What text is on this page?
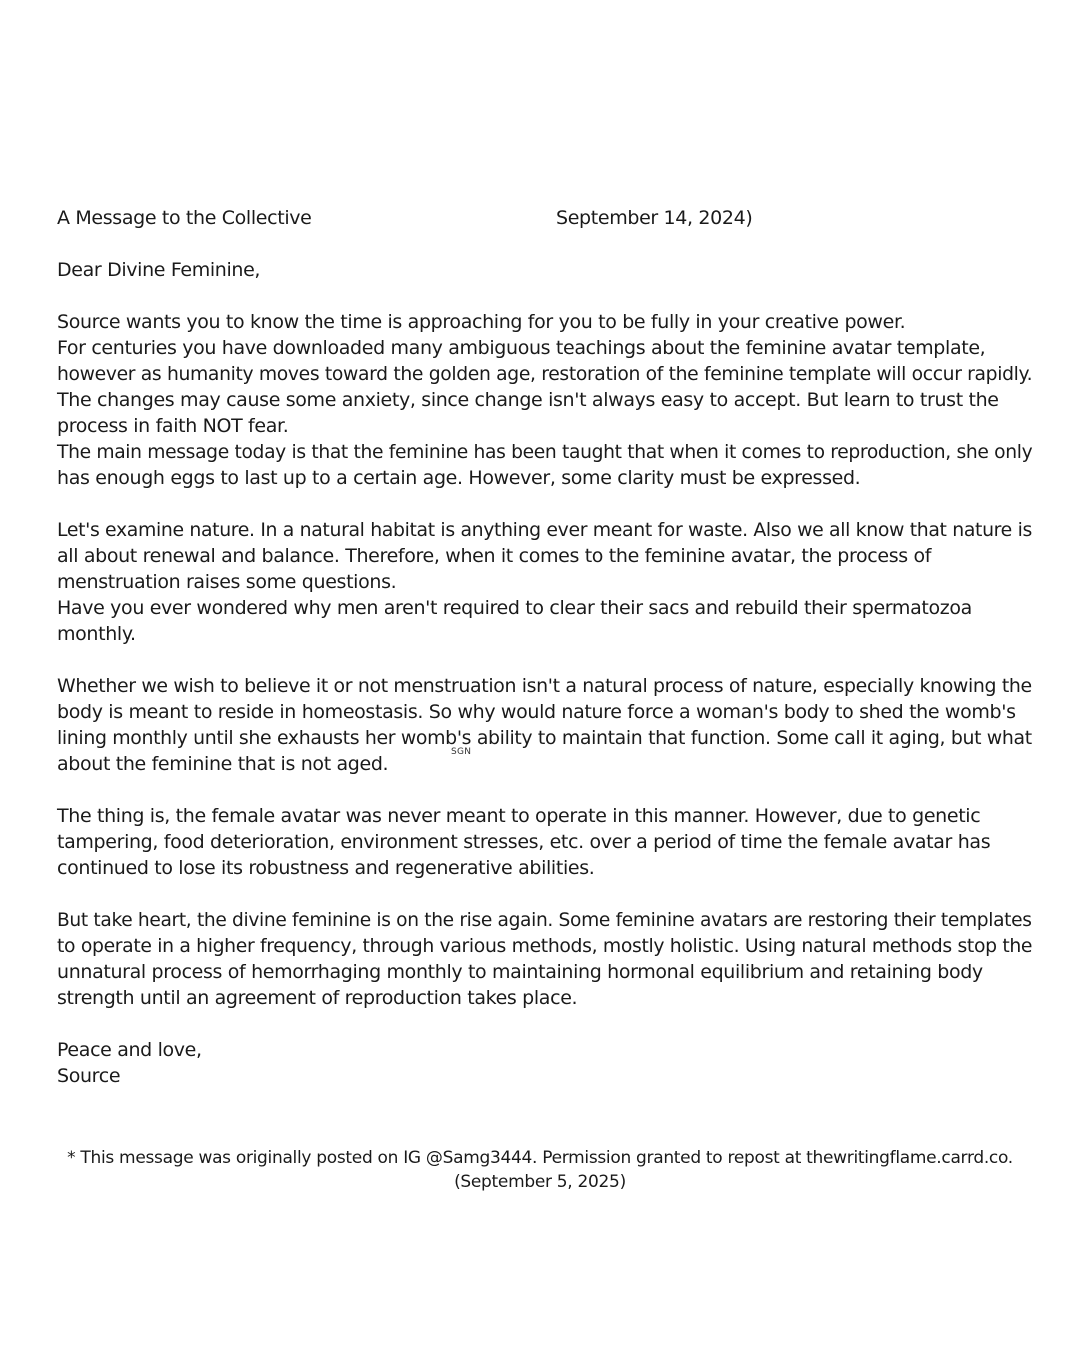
A Message to the Collective	September 14, 2024)
Dear Divine Feminine,
Source wants you to know the time is approaching for you to be fully in your creative power.
For centuries you have downloaded many ambiguous teachings about the feminine avatar template,
however as humanity moves toward the golden age, restoration of the feminine template will occur rapidly.
The changes may cause some anxiety, since change isn't always easy to accept. But learn to trust the
process in faith NOT fear.
The main message today is that the feminine has been taught that when it comes to reproduction, she only
has enough eggs to last up to a certain age. However, some clarity must be expressed.
Let's examine nature. In a natural habitat is anything ever meant for waste. Also we all know that nature is
all about renewal and balance. Therefore, when it comes to the feminine avatar, the process of
menstruation raises some questions.
Have you ever wondered why men aren't required to clear their sacs and rebuild their spermatozoa
monthly.
Whether we wish to believe it or not menstruation isn't a natural process of nature, especially knowing the
body is meant to reside in homeostasis. So why would nature force a woman's body to shed the womb's
lining monthly until she exhausts her womb's ability to maintain that function. Some call it aging, but what
about the feminine that is not aged.
The thing is, the female avatar was never meant to operate in this manner. However, due to genetic
tampering, food deterioration, environment stresses, etc. over a period of time the female avatar has
continued to lose its robustness and regenerative abilities.
But take heart, the divine feminine is on the rise again. Some feminine avatars are restoring their templates
to operate in a higher frequency, through various methods, mostly holistic. Using natural methods stop the
unnatural process of hemorrhaging monthly to maintaining hormonal equilibrium and retaining body
strength until an agreement of reproduction takes place.
Peace and love,
Source
SGN
* This message was originally posted on IG @Samg3444. Permission granted to repost at thewritingflame.carrd.co.
(September 5, 2025)
